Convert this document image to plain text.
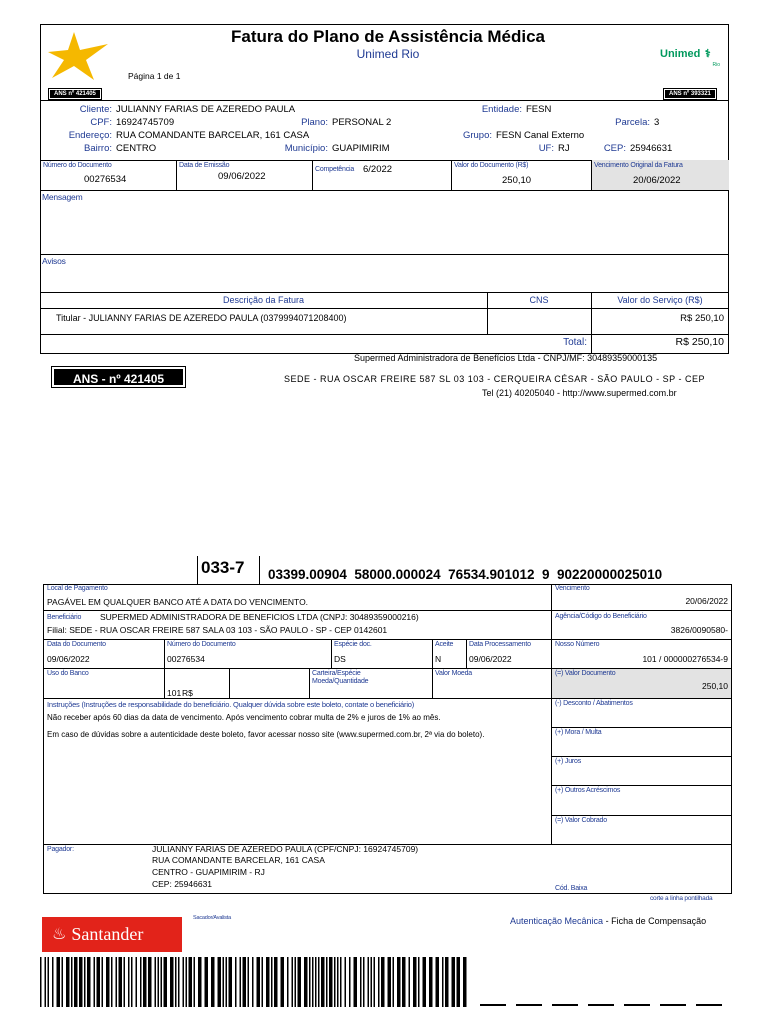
Fatura do Plano de Assistência Médica
Unimed Rio
Página 1 de 1
Unimed ⚕
Rio
ANS nº 421405	ANS nº 393321
Cliente: JULIANNY FARIAS DE AZEREDO PAULA	Entidade: FESN
CPF: 16924745709	Plano: PERSONAL 2	Parcela: 3
Endereço: RUA COMANDANTE BARCELAR, 161 CASA	Grupo: FESN Canal Externo
Bairro: CENTRO	Município: GUAPIMIRIM	UF: RJ	CEP: 25946631
Número do Documento
00276534
Data de Emissão
09/06/2022
Competência 6/2022	Valor do Documento (R$)
250,10
Vencimento Original da Fatura
20/06/2022
Mensagem
Avisos
Descrição da Fatura	CNS	Valor do Serviço (R$)
Titular - JULIANNY FARIAS DE AZEREDO PAULA (0379994071208400)	R$ 250,10
Total:	R$ 250,10
Supermed Administradora de Benefícios Ltda - CNPJ/MF: 30489359000135
ANS - nº 421405	SEDE - RUA OSCAR FREIRE 587 SL 03 103 - CERQUEIRA CÉSAR - SÃO PAULO - SP - CEP
Tel (21) 40205040 - http://www.supermed.com.br
033-7 03399.00904  58000.000024  76534.901012  9  90220000025010
Local de Pagamento
PAGÁVEL EM QUALQUER BANCO ATÉ A DATA DO VENCIMENTO.
Vencimento
20/06/2022
Beneficiário SUPERMED ADMINISTRADORA DE BENEFICIOS LTDA (CNPJ: 30489359000216)
Filial: SEDE - RUA OSCAR FREIRE 587 SALA 03 103 - SÃO PAULO - SP - CEP 0142601
Agência/Código do Beneficiário
3826/0090580-
Data do Documento
09/06/2022
Número do Documento
00276534
Espécie doc.
DS
Aceite
N
Data Processamento
09/06/2022
Nosso Número
101 / 000000276534-9
Uso do Banco
101 R$
Carteira/Espécie
Moeda/Quantidade
Valor Moeda	(=) Valor Documento
250,10
Instruções (Instruções de responsabilidade do beneficiário. Qualquer dúvida sobre este boleto, contate o beneficiário)
Não receber após 60 dias da data de vencimento. Após vencimento cobrar multa de 2% e juros de 1% ao mês.
Em caso de dúvidas sobre a autenticidade deste boleto, favor acessar nosso site (www.supermed.com.br, 2ª via do boleto).
(-) Desconto / Abatimentos
(+) Mora / Multa
(+) Juros
(+) Outros Acréscimos
(=) Valor Cobrado
Pagador:	JULIANNY FARIAS DE AZEREDO PAULA (CPF/CNPJ: 16924745709)
RUA COMANDANTE BARCELAR, 161 CASA
CENTRO - GUAPIMIRIM - RJ
CEP: 25946631	Cód. Baixa
corte a linha pontilhada
♨ Santander
Sacador/Avalista	Autenticação Mecânica - Ficha de Compensação
